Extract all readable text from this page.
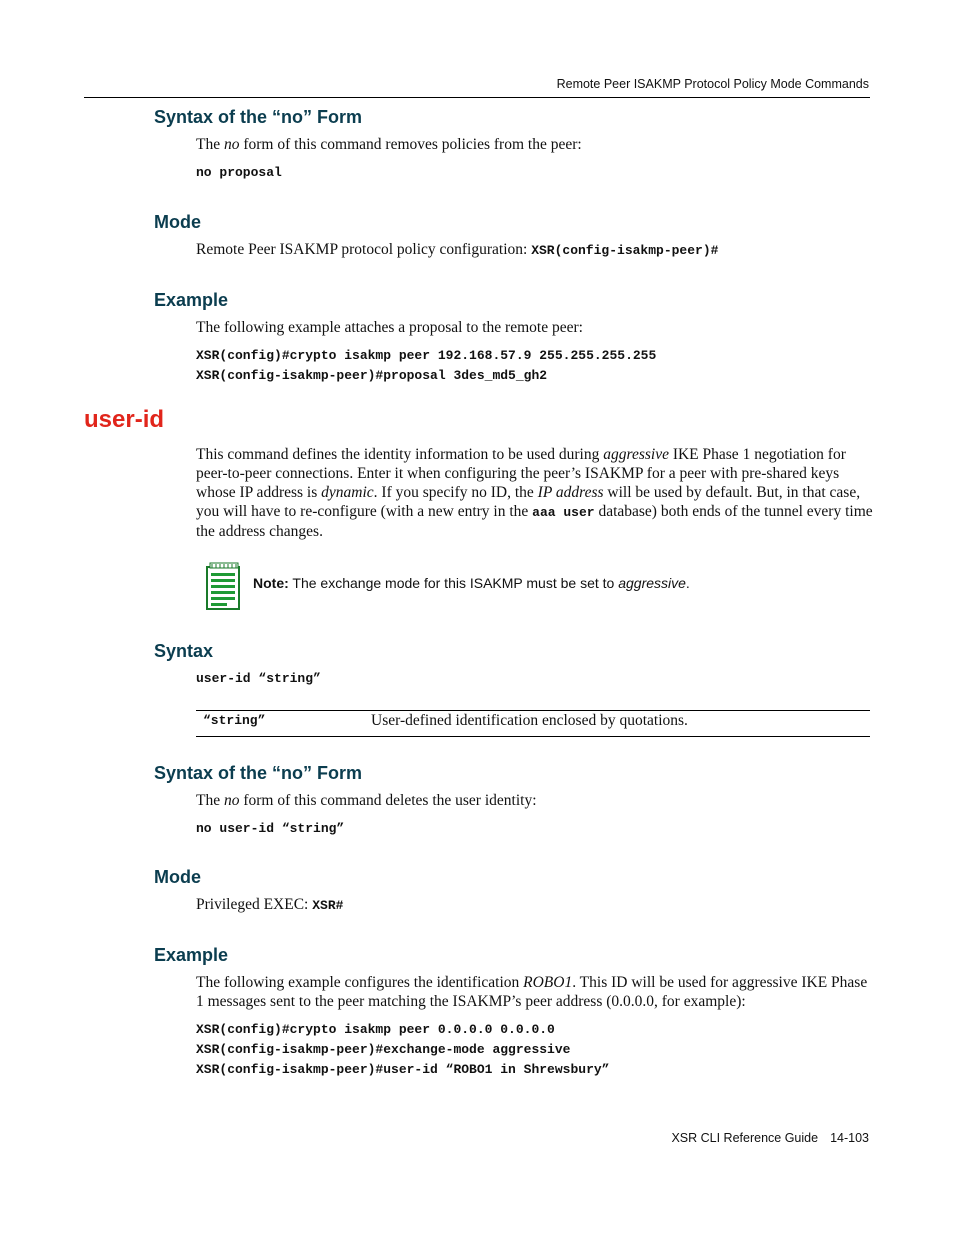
Remote Peer ISAKMP Protocol Policy Mode Commands
Syntax of the “no” Form
The no form of this command removes policies from the peer:
no proposal
Mode
Remote Peer ISAKMP protocol policy configuration: XSR(config-isakmp-peer)#
Example
The following example attaches a proposal to the remote peer:
XSR(config)#crypto isakmp peer 192.168.57.9 255.255.255.255
XSR(config-isakmp-peer)#proposal 3des_md5_gh2
user-id
This command defines the identity information to be used during aggressive IKE Phase 1 negotiation for peer-to-peer connections. Enter it when configuring the peer’s ISAKMP for a peer with pre-shared keys whose IP address is dynamic. If you specify no ID, the IP address will be used by default. But, in that case, you will have to re-configure (with a new entry in the aaa user database) both ends of the tunnel every time the address changes.
Note: The exchange mode for this ISAKMP must be set to aggressive.
Syntax
user-id “string”
“string”	User-defined identification enclosed by quotations.
Syntax of the “no” Form
The no form of this command deletes the user identity:
no user-id “string”
Mode
Privileged EXEC: XSR#
Example
The following example configures the identification ROBO1. This ID will be used for aggressive IKE Phase 1 messages sent to the peer matching the ISAKMP’s peer address (0.0.0.0, for example):
XSR(config)#crypto isakmp peer 0.0.0.0 0.0.0.0
XSR(config-isakmp-peer)#exchange-mode aggressive
XSR(config-isakmp-peer)#user-id “ROBO1 in Shrewsbury”
XSR CLI Reference Guide 14-103
